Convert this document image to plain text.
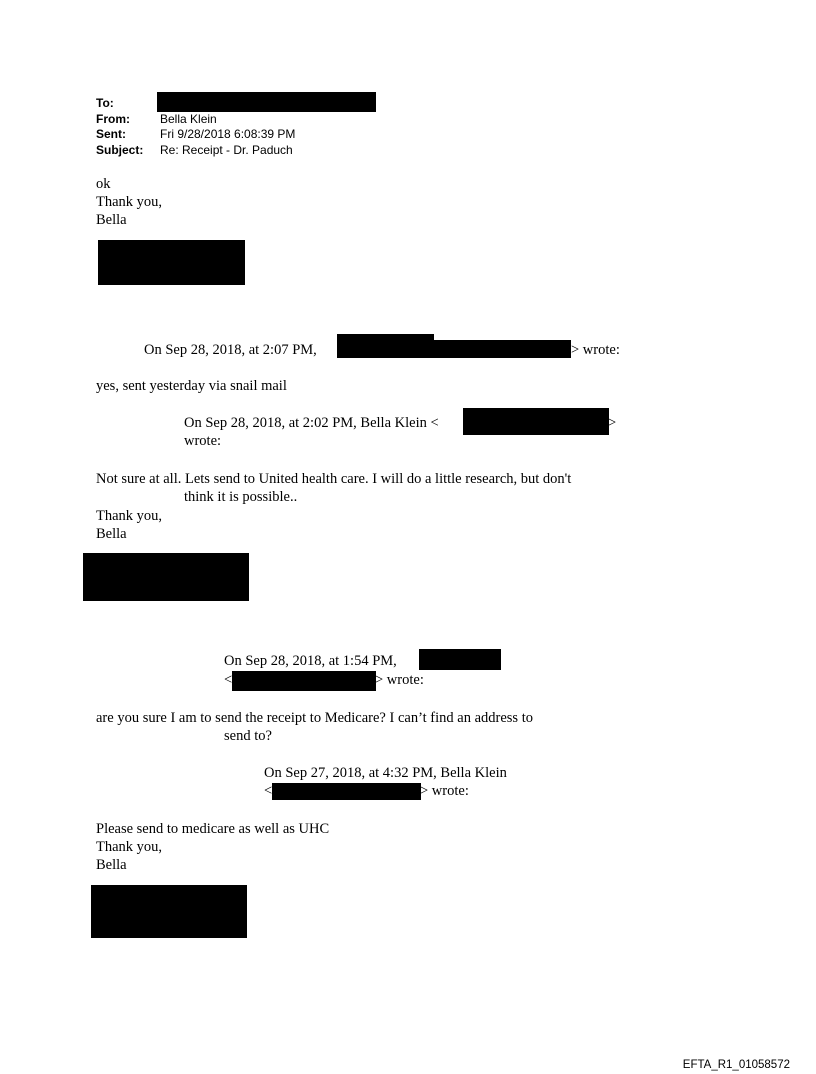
To:
From:	Bella Klein
Sent:	Fri 9/28/2018 6:08:39 PM
Subject:	Re: Receipt - Dr. Paduch
ok
Thank you,
Bella
On Sep 28, 2018, at 2:07 PM,	> wrote:
yes, sent yesterday via snail mail
On Sep 28, 2018, at 2:02 PM, Bella Klein <	>
wrote:
Not sure at all. Lets send to United health care. I will do a little research, but don't
think it is possible..
Thank you,
Bella
On Sep 28, 2018, at 1:54 PM,
<	> wrote:
are you sure I am to send the receipt to Medicare? I can’t find an address to
send to?
On Sep 27, 2018, at 4:32 PM, Bella Klein
<	> wrote:
Please send to medicare as well as UHC
Thank you,
Bella
EFTA_R1_01058572
